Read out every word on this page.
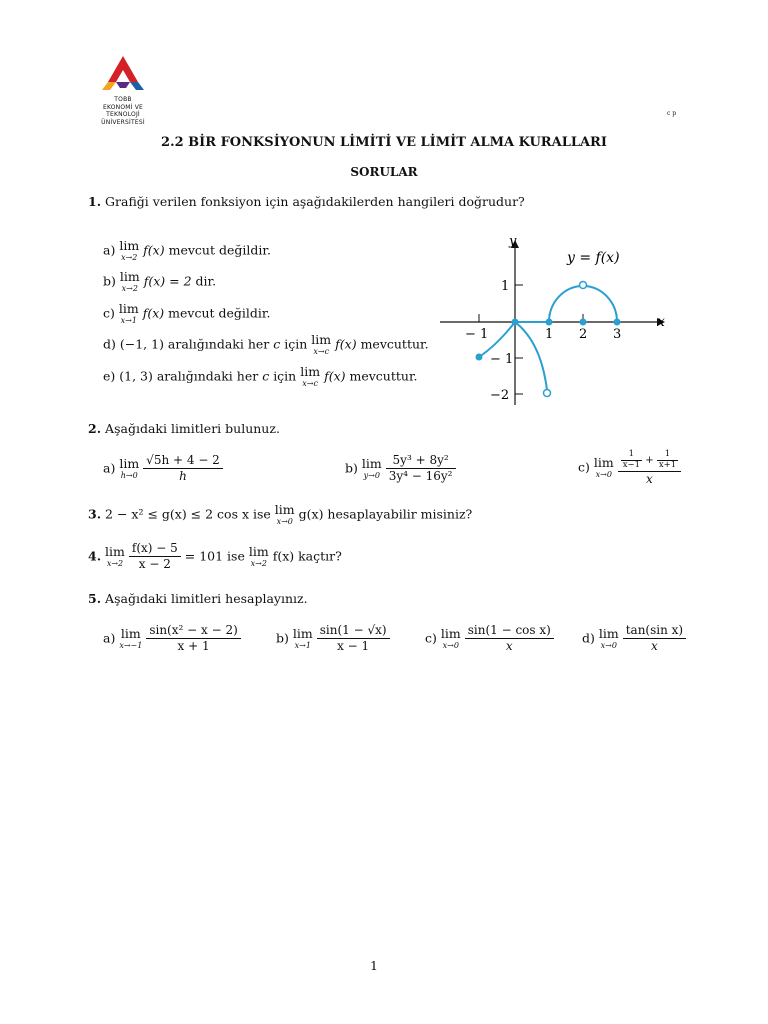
TOBB
EKONOMİ VE TEKNOLOJİ
ÜNİVERSİTESİ
c p
2.2 BİR FONKSİYONUN LİMİTİ VE LİMİT ALMA KURALLARI
SORULAR
1. Grafiği verilen fonksiyon için aşağıdakilerden hangileri doğrudur?
a) lim
x→2 f(x) mevcut değildir.
b) lim
x→2 f(x) = 2 dir.
c) lim
x→1 f(x) mevcut değildir.
d) (−1, 1) aralığındaki her c için lim
x→c f(x) mevcuttur.
e) (1, 3) aralığındaki her c için lim
x→c f(x) mevcuttur.
y
x
y = f(x)
− 1	1 2 3
1
− 1
−2
2. Aşağıdaki limitleri bulunuz.
a) lim
h→0
$\frac{√5h + 4 - 2}{h}$	b) lim
y→0
$\frac{\text{5y³ + 8y²}}{\text{3y⁴ − 16y²}}$	c) lim
x→0
$\frac{\frac{1}{x-1} + \frac{1}{x+1}}{x}$
3. 2 − x² ≤ g(x) ≤ 2 cos x ise lim
x→0 g(x) hesaplayabilir misiniz?
4. lim
x→2
$\frac{f(x) - 5}{x - 2} = 101$ ise lim
x→2 f(x) kaçtır?
5. Aşağıdaki limitleri hesaplayınız.
a) lim
x→−1
$\frac{\text{sin(x² − x − 2)}}{x + 1}$	b) lim
x→1
$\frac{\sin(1 - √x)}{x - 1}$	c) lim
x→0
$\frac{\text{sin(1 − cos x)}}{x} d$) lim
x→0
$\frac{\text{tan(sin x)}}{x}$
1
